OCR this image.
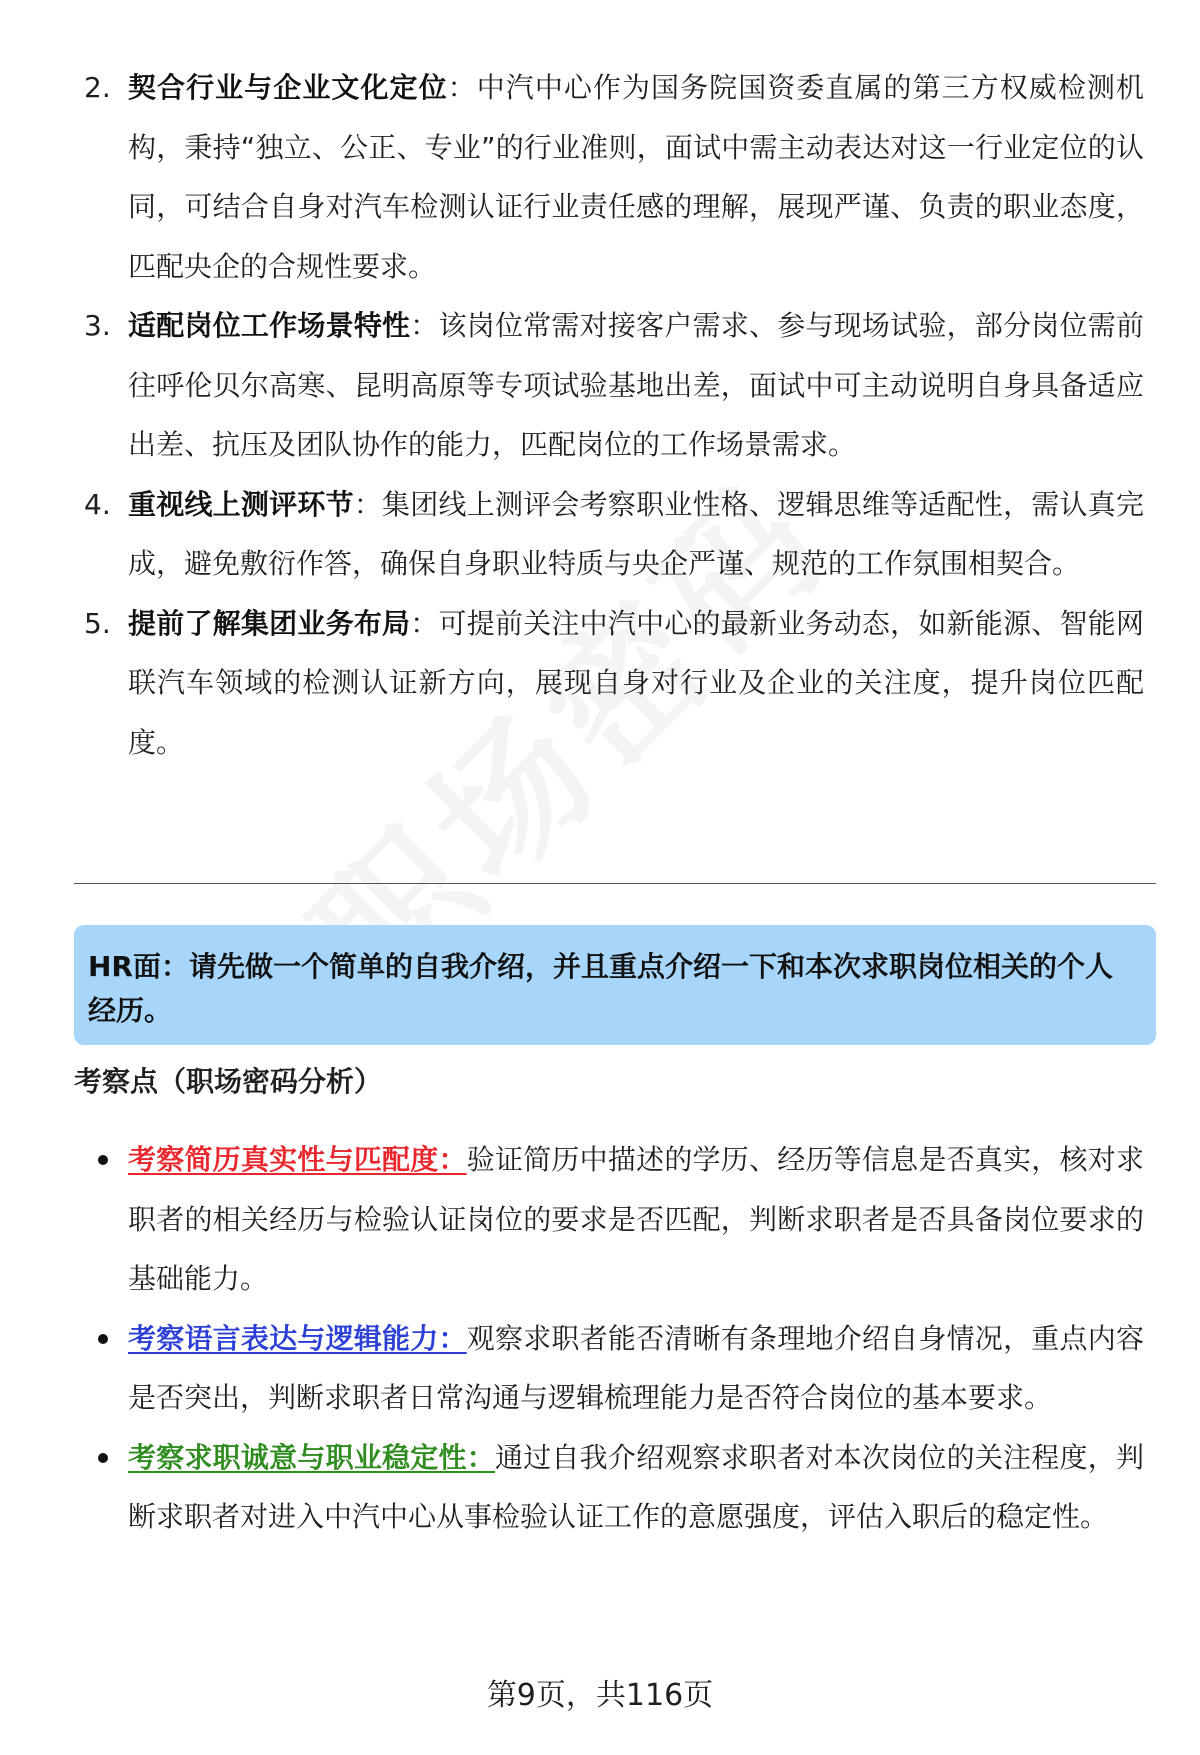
2. 契合行业与企业文化定位：中汽中心作为国务院国资委直属的第三方权威检测机构，秉持“独立、公正、专业”的行业准则，面试中需主动表达对这一行业定位的认同，可结合自身对汽车检测认证行业责任感的理解，展现严谨、负责的职业态度，匹配央企的合规性要求。
3. 适配岗位工作场景特性：该岗位常需对接客户需求、参与现场试验，部分岗位需前往呼伦贝尔高寒、昆明高原等专项试验基地出差，面试中可主动说明自身具备适应出差、抗压及团队协作的能力，匹配岗位的工作场景需求。
4. 重视线上测评环节：集团线上测评会考察职业性格、逻辑思维等适配性，需认真完成，避免敷衍作答，确保自身职业特质与央企严谨、规范的工作氛围相契合。
5. 提前了解集团业务布局：可提前关注中汽中心的最新业务动态，如新能源、智能网联汽车领域的检测认证新方向，展现自身对行业及企业的关注度，提升岗位匹配度。
HR面：请先做一个简单的自我介绍，并且重点介绍一下和本次求职岗位相关的个人经历。
考察点（职场密码分析）
考察简历真实性与匹配度：验证简历中描述的学历、经历等信息是否真实，核对求职者的相关经历与检验认证岗位的要求是否匹配，判断求职者是否具备岗位要求的基础能力。
考察语言表达与逻辑能力：观察求职者能否清晰有条理地介绍自身情况，重点内容是否突出，判断求职者日常沟通与逻辑梳理能力是否符合岗位的基本要求。
考察求职诚意与职业稳定性：通过自我介绍观察求职者对本次岗位的关注程度，判断求职者对进入中汽中心从事检验认证工作的意愿强度，评估入职后的稳定性。
第9页，共116页
